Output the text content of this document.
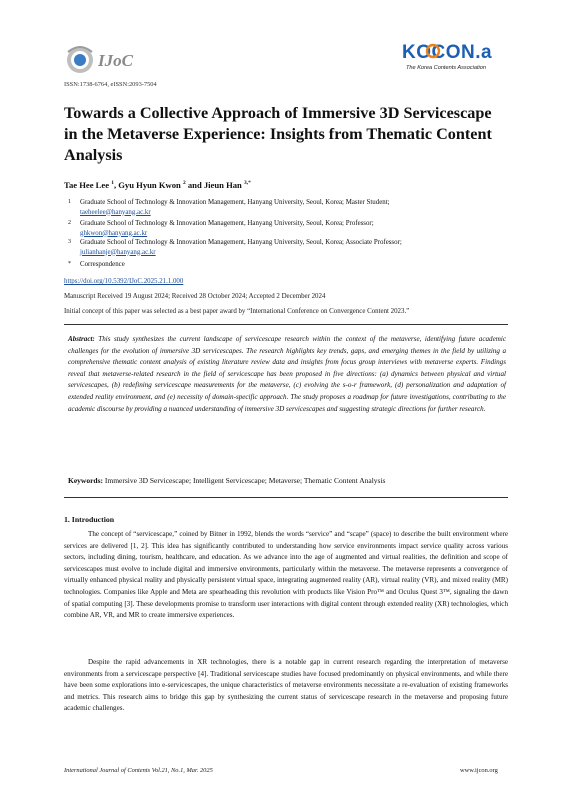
IJoC	KOCON.a
The Korea Contents Association
ISSN:1738-6764, eISSN:2093-7504
Towards a Collective Approach of Immersive 3D Servicescape in the Metaverse Experience: Insights from Thematic Content Analysis
Tae Hee Lee $^1$, Gyu Hyun Kwon $^2$ and Jieun Han $^{3,*}$
1 Graduate School of Technology & Innovation Management, Hanyang University, Seoul, Korea; Master Student;
taeheelee@hanyang.ac.kr
2 Graduate School of Technology & Innovation Management, Hanyang University, Seoul, Korea; Professor;
ghkwon@hanyang.ac.kr
3 Graduate School of Technology & Innovation Management, Hanyang University, Seoul, Korea; Associate Professor;
julianhanje@hanyang.ac.kr
* Correspondence
https://doi.org/10.5392/IJoC.2025.21.1.000
Manuscript Received 19 August 2024; Received 28 October 2024; Accepted 2 December 2024
Initial concept of this paper was selected as a best paper award by “International Conference on Convergence Content 2023.”

Abstract: This study synthesizes the current landscape of servicescape research within the context of the metaverse, identifying future academic challenges for the evolution of immersive 3D servicescapes. The research highlights key trends, gaps, and emerging themes in the field by utilizing a comprehensive thematic content analysis of existing literature review data and insights from focus group interviews with metaverse experts. Findings reveal that metaverse-related research in the field of servicescape has been proposed in five directions: (a) dynamics between physical and virtual servicescapes, (b) redefining servicescape measurements for the metaverse, (c) evolving the s-o-r framework, (d) personalization and adaptation of extended reality environment, and (e) necessity of domain-specific approach. The study proposes a roadmap for future investigations, contributing to the academic discourse by providing a nuanced understanding of immersive 3D servicescapes and suggesting strategic directions for further research.

Keywords: Immersive 3D Servicescape; Intelligent Servicescape; Metaverse; Thematic Content Analysis
1. Introduction

The concept of “servicescape,” coined by Bitner in 1992, blends the words “service” and “scape” (space) to describe the built environment where services are delivered [1, 2]. This idea has significantly contributed to understanding how service environments impact service quality across various sectors, including dining, tourism, healthcare, and education. As we advance into the age of augmented and virtual realities, the definition and scope of servicescapes must evolve to include digital and immersive environments, particularly within the metaverse. The metaverse represents a convergence of virtually enhanced physical reality and physically persistent virtual space, integrating augmented reality (AR), virtual reality (VR), and mixed reality (MR) technologies. Companies like Apple and Meta are spearheading this revolution with products like Vision Pro™ and Oculus Quest 3™, signaling the dawn of spatial computing [3]. These developments promise to transform user interactions with digital content through extended reality (XR) technologies, which combine AR, VR, and MR to create immersive experiences.

Despite the rapid advancements in XR technologies, there is a notable gap in current research regarding the interpretation of metaverse environments from a servicescape perspective [4]. Traditional servicescape studies have focused predominantly on physical environments, and while there have been some explorations into e-servicescapes, the unique characteristics of metaverse environments necessitate a re-evaluation of existing frameworks and metrics. This research aims to bridge this gap by synthesizing the current status of servicescape research in the metaverse and proposing future academic challenges.

International Journal of Contents Vol.21, No.1, Mar. 2025	www.ijcon.org
